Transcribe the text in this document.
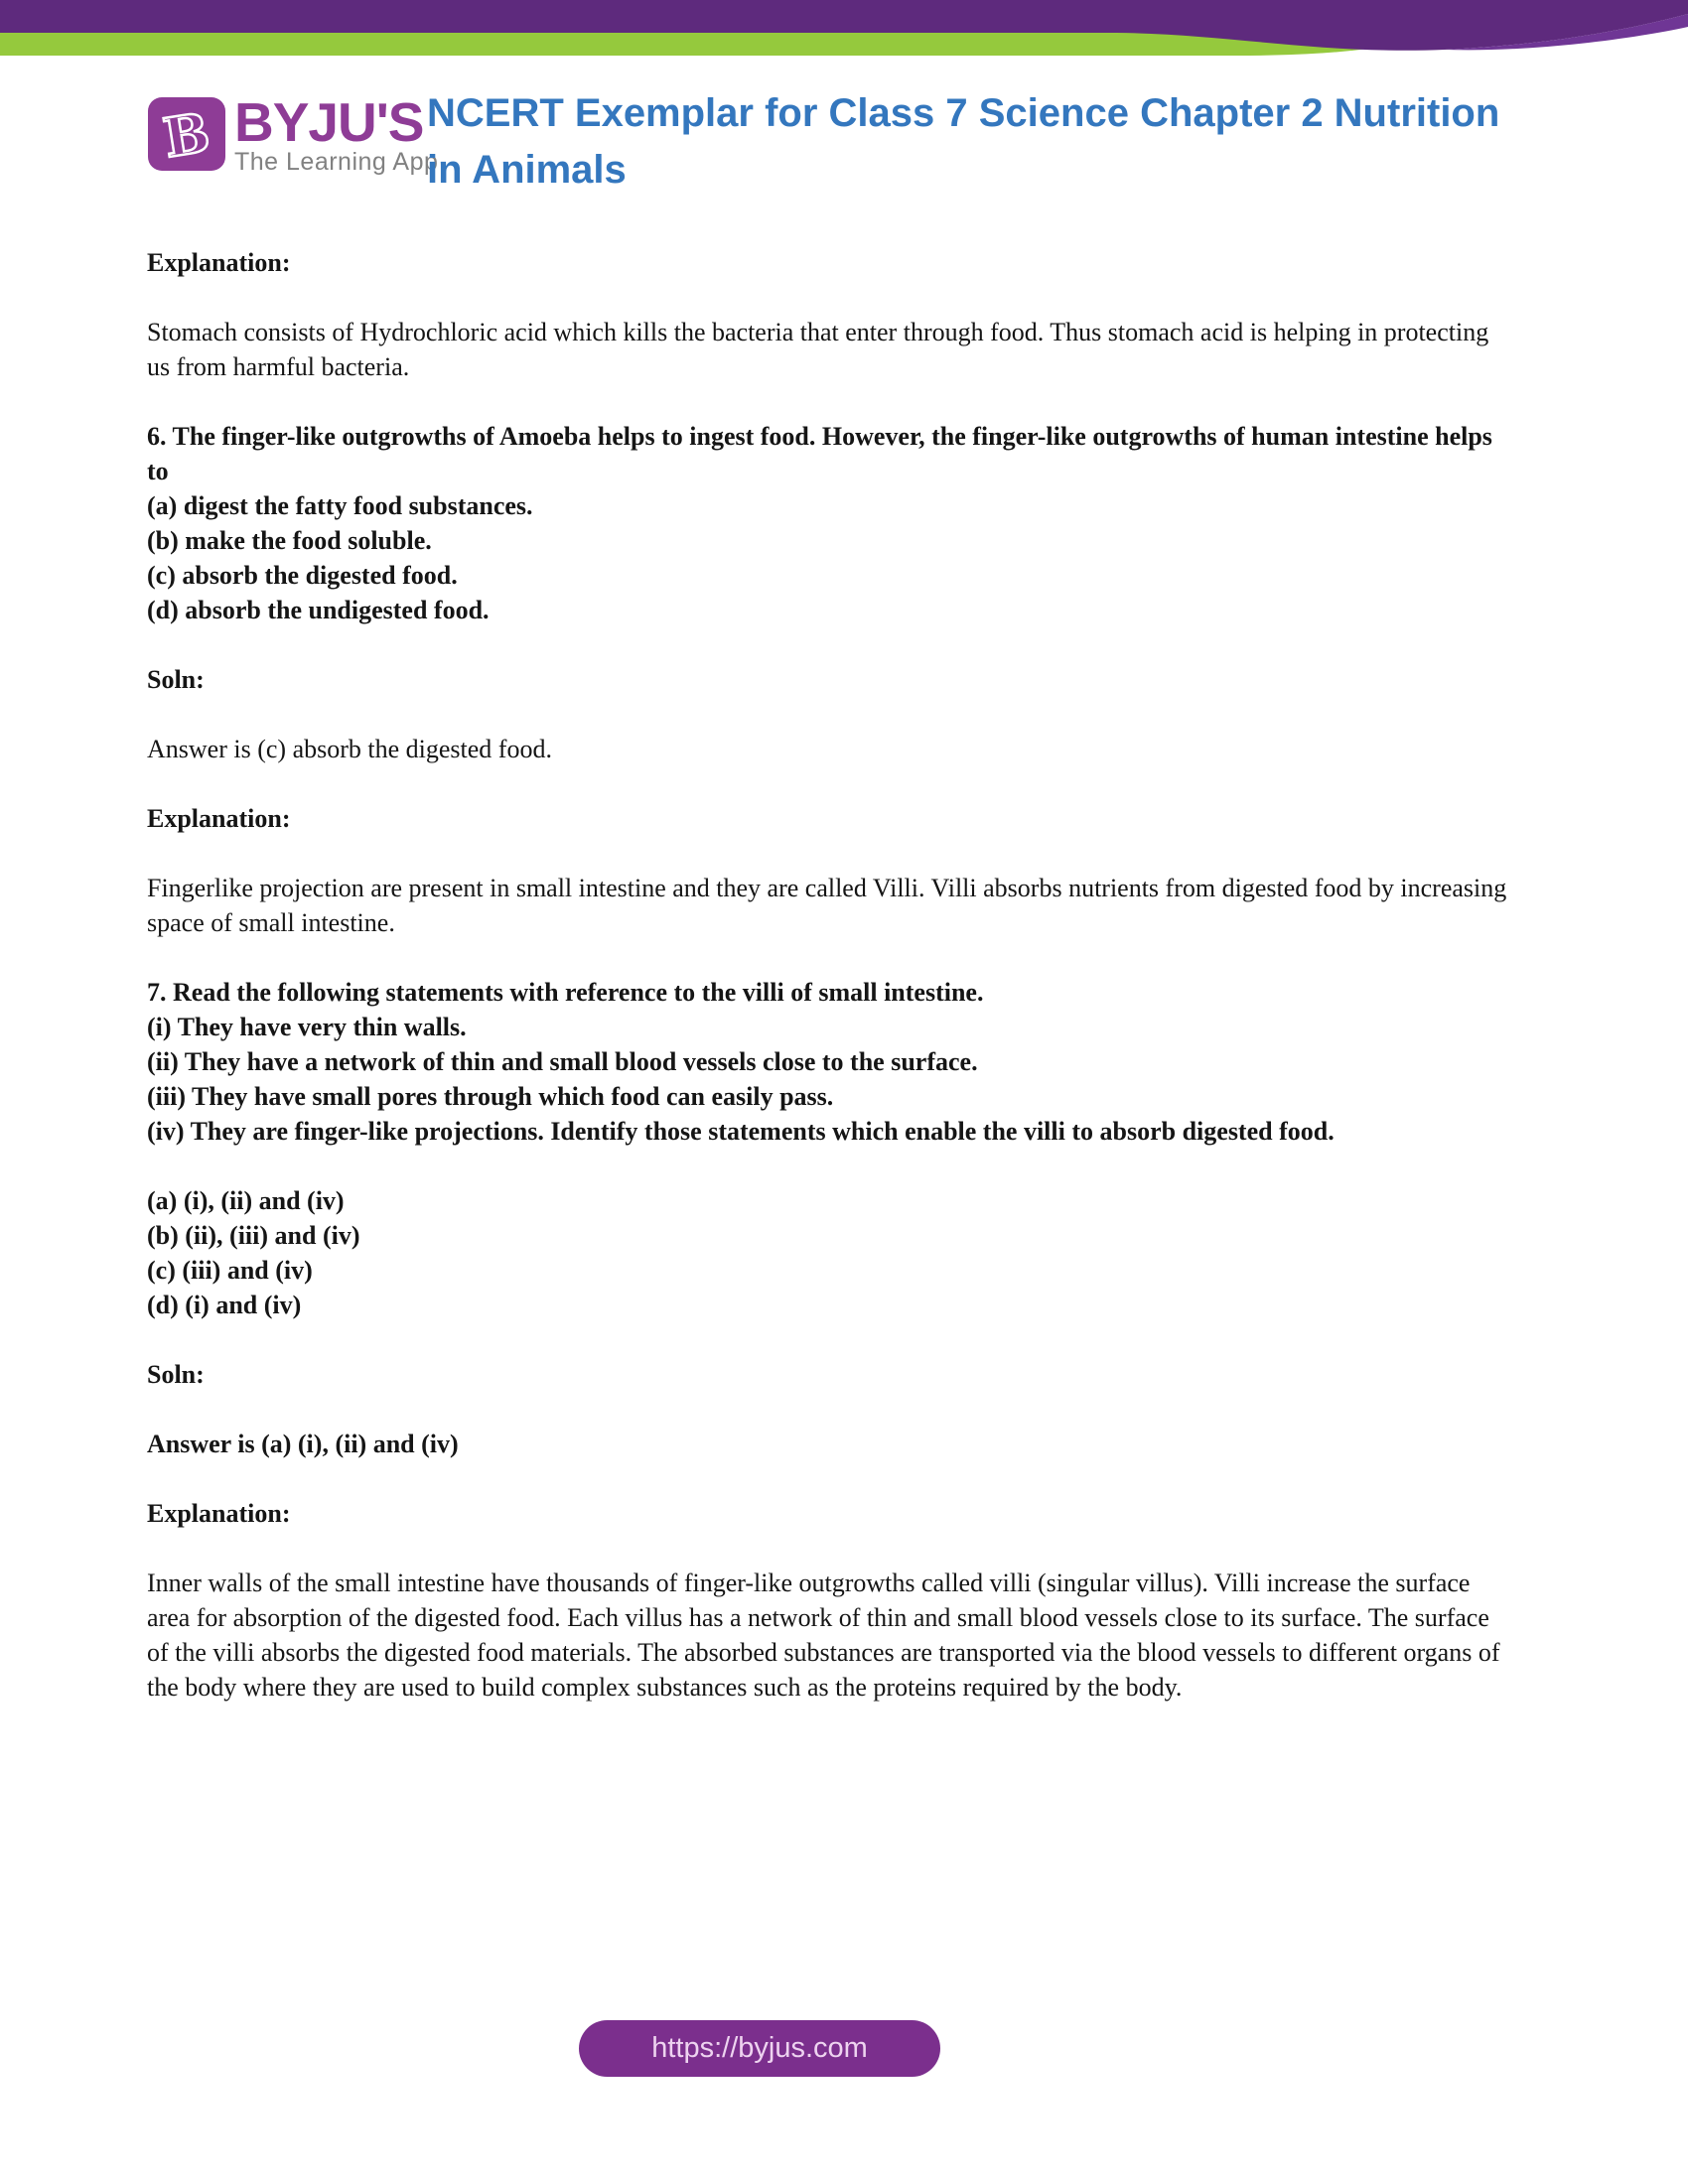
B BYJU'S
The Learning App
NCERT Exemplar for Class 7 Science Chapter 2 Nutrition in Animals

Explanation:

Stomach consists of Hydrochloric acid which kills the bacteria that enter through food. Thus stomach acid is helping in protecting us from harmful bacteria.

6. The finger-like outgrowths of Amoeba helps to ingest food. However, the finger-like outgrowths of human intestine helps to
(a) digest the fatty food substances.
(b) make the food soluble.
(c) absorb the digested food.
(d) absorb the undigested food.

Soln:

Answer is (c) absorb the digested food.

Explanation:

Fingerlike projection are present in small intestine and they are called Villi. Villi absorbs nutrients from digested food by increasing space of small intestine.

7. Read the following statements with reference to the villi of small intestine.
(i) They have very thin walls.
(ii) They have a network of thin and small blood vessels close to the surface.
(iii) They have small pores through which food can easily pass.
(iv) They are finger-like projections. Identify those statements which enable the villi to absorb digested food.

(a) (i), (ii) and (iv)
(b) (ii), (iii) and (iv)
(c) (iii) and (iv)
(d) (i) and (iv)

Soln:

Answer is (a) (i), (ii) and (iv)

Explanation:

Inner walls of the small intestine have thousands of finger-like outgrowths called villi (singular villus). Villi increase the surface area for absorption of the digested food. Each villus has a network of thin and small blood vessels close to its surface. The surface of the villi absorbs the digested food materials. The absorbed substances are transported via the blood vessels to different organs of the body where they are used to build complex substances such as the proteins required by the body.

https://byjus.com
